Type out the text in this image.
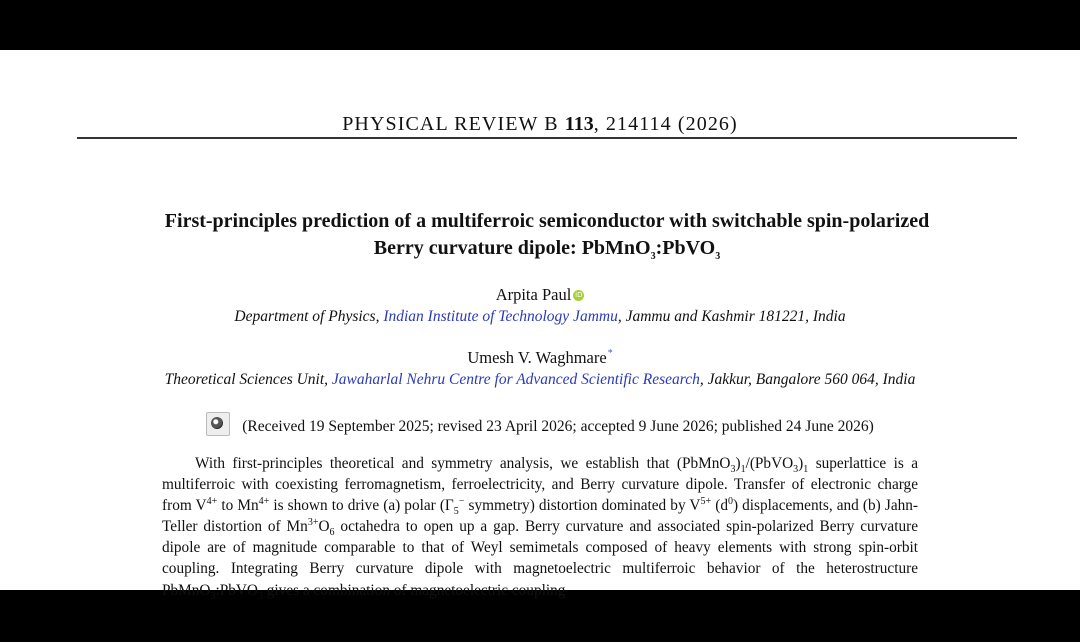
PHYSICAL REVIEW B 113, 214114 (2026)
First-principles prediction of a multiferroic semiconductor with switchable spin-polarized
Berry curvature dipole: PbMnO$_3$:PbVO$_3$
Arpita Paul iD
Department of Physics, Indian Institute of Technology Jammu, Jammu and Kashmir 181221, India
Umesh V. Waghmare*
Theoretical Sciences Unit, Jawaharlal Nehru Centre for Advanced Scientific Research, Jakkur, Bangalore 560 064, India
(Received 19 September 2025; revised 23 April 2026; accepted 9 June 2026; published 24 June 2026)

With first-principles theoretical and symmetry analysis, we establish that $(PbMnO_3)_1/(PbVO_3)_1$ superlattice is a multiferroic with coexisting ferromagnetism, ferroelectricity, and Berry curvature dipole. Transfer of electronic charge from $V^{4+}$ to $Mn^{4+}$ is shown to drive (a) polar ($\Gamma_5^-$ symmetry) distortion dominated by $V^{5+}$ $(d^0)$ displacements, and (b) Jahn-Teller distortion of $Mn^{3+}O_6$ octahedra to open up a gap. Berry curvature and associated spin-polarized Berry curvature dipole are of magnitude comparable to that of Weyl semimetals composed of heavy elements with strong spin-orbit coupling. Integrating Berry curvature dipole with magnetoelectric multiferroic behavior of the heterostructure PbMnO$_3$:PbVO$_3$ gives a combination of magnetoelectric coupling
